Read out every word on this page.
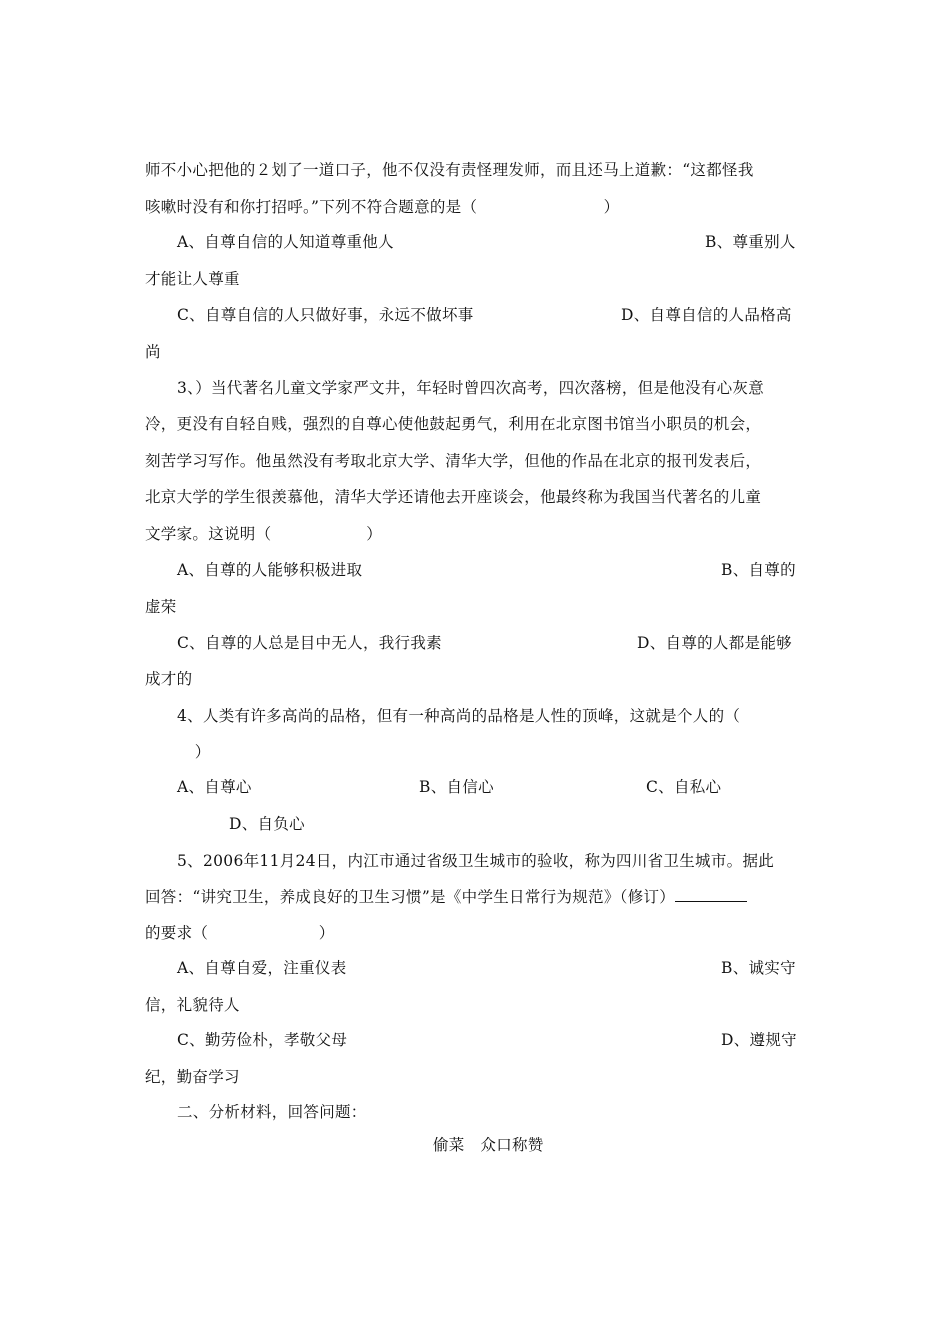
师不小心把他的２划了一道口子，他不仅没有责怪理发师，而且还马上道歉：“这都怪我
咳嗽时没有和你打招呼。”下列不符合题意的是（　　　　　　　　）
A、自尊自信的人知道尊重他人	B、尊重别人
才能让人尊重
C、自尊自信的人只做好事，永远不做坏事	D、自尊自信的人品格高
尚
3、）当代著名儿童文学家严文井，年轻时曾四次高考，四次落榜，但是他没有心灰意
冷，更没有自轻自贱，强烈的自尊心使他鼓起勇气，利用在北京图书馆当小职员的机会，
刻苦学习写作。他虽然没有考取北京大学、清华大学，但他的作品在北京的报刊发表后，
北京大学的学生很羡慕他，清华大学还请他去开座谈会，他最终称为我国当代著名的儿童
文学家。这说明（　　　　　　）
A、自尊的人能够积极进取	B、自尊的
虚荣
C、自尊的人总是目中无人，我行我素	D、自尊的人都是能够
成才的
4、人类有许多高尚的品格，但有一种高尚的品格是人性的顶峰，这就是个人的（
　）
A、自尊心	B、自信心	C、自私心
D、自负心
5、2006年11月24日，内江市通过省级卫生城市的验收，称为四川省卫生城市。据此
回答：“讲究卫生，养成良好的卫生习惯”是《中学生日常行为规范》（修订）
的要求（　　　　　　　）
A、自尊自爱，注重仪表	B、诚实守
信，礼貌待人
C、勤劳俭朴，孝敬父母	D、遵规守
纪，勤奋学习
二、分析材料，回答问题：
偷菜　众口称赞
